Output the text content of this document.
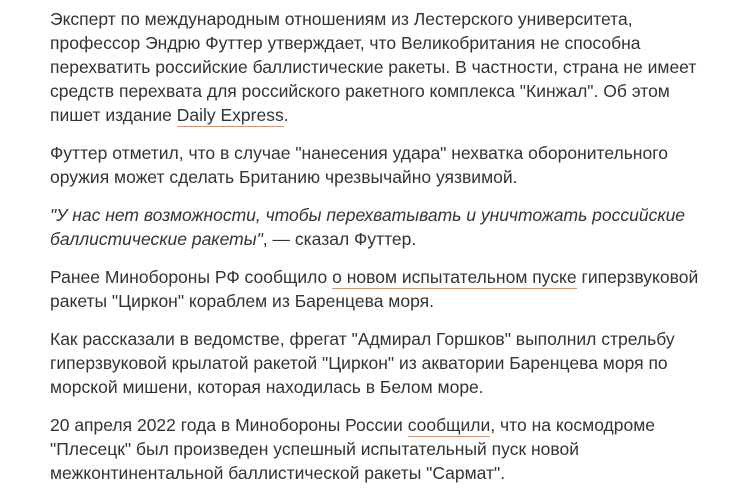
Эксперт по международным отношениям из Лестерского университета,
профессор Эндрю Футтер утверждает, что Великобритания не способна
перехватить российские баллистические ракеты. В частности, страна не имеет
средств перехвата для российского ракетного комплекса "Кинжал". Об этом
пишет издание Daily Express.

Футтер отметил, что в случае "нанесения удара" нехватка оборонительного
оружия может сделать Британию чрезвычайно уязвимой.

"У нас нет возможности, чтобы перехватывать и уничтожать российские
баллистические ракеты", — сказал Футтер.

Ранее Минобороны РФ сообщило о новом испытательном пуске гиперзвуковой
ракеты "Циркон" кораблем из Баренцева моря.

Как рассказали в ведомстве, фрегат "Адмирал Горшков" выполнил стрельбу
гиперзвуковой крылатой ракетой "Циркон" из акватории Баренцева моря по
морской мишени, которая находилась в Белом море.

20 апреля 2022 года в Минобороны России сообщили, что на космодроме
"Плесецк" был произведен успешный испытательный пуск новой
межконтинентальной баллистической ракеты "Сармат".
